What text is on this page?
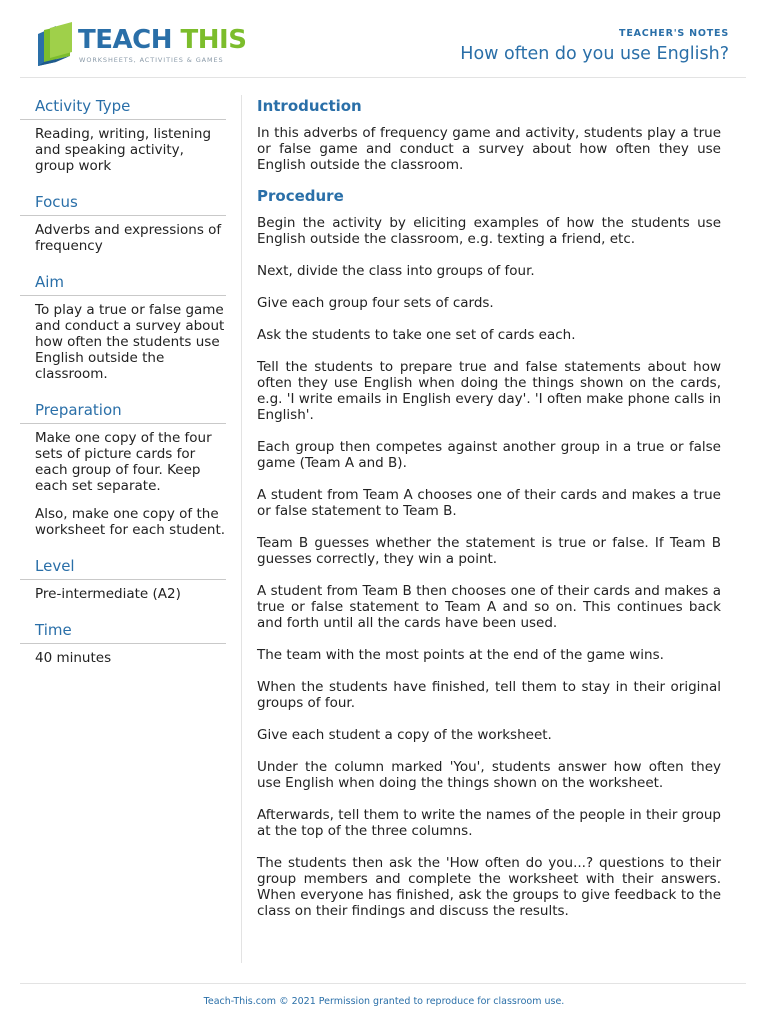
TEACH THIS
WORKSHEETS, ACTIVITIES & GAMES
TEACHER'S NOTES
How often do you use English?
Activity Type

Reading, writing, listening and speaking activity, group work

Focus

Adverbs and expressions of frequency

Aim

To play a true or false game and conduct a survey about how often the students use English outside the classroom.

Preparation

Make one copy of the four sets of picture cards for each group of four. Keep each set separate.

Also, make one copy of the worksheet for each student.

Level

Pre-intermediate (A2)

Time

40 minutes

Introduction

In this adverbs of frequency game and activity, students play a true or false game and conduct a survey about how often they use English outside the classroom.

Procedure

Begin the activity by eliciting examples of how the students use English outside the classroom, e.g. texting a friend, etc.

Next, divide the class into groups of four.

Give each group four sets of cards.

Ask the students to take one set of cards each.

Tell the students to prepare true and false statements about how often they use English when doing the things shown on the cards, e.g. 'I write emails in English every day'. 'I often make phone calls in English'.

Each group then competes against another group in a true or false game (Team A and B).

A student from Team A chooses one of their cards and makes a true or false statement to Team B.

Team B guesses whether the statement is true or false. If Team B guesses correctly, they win a point.

A student from Team B then chooses one of their cards and makes a true or false statement to Team A and so on. This continues back and forth until all the cards have been used.

The team with the most points at the end of the game wins.

When the students have finished, tell them to stay in their original groups of four.

Give each student a copy of the worksheet.

Under the column marked 'You', students answer how often they use English when doing the things shown on the worksheet.

Afterwards, tell them to write the names of the people in their group at the top of the three columns.

The students then ask the 'How often do you...? questions to their group members and complete the worksheet with their answers. When everyone has finished, ask the groups to give feedback to the class on their findings and discuss the results.

Teach-This.com © 2021 Permission granted to reproduce for classroom use.
